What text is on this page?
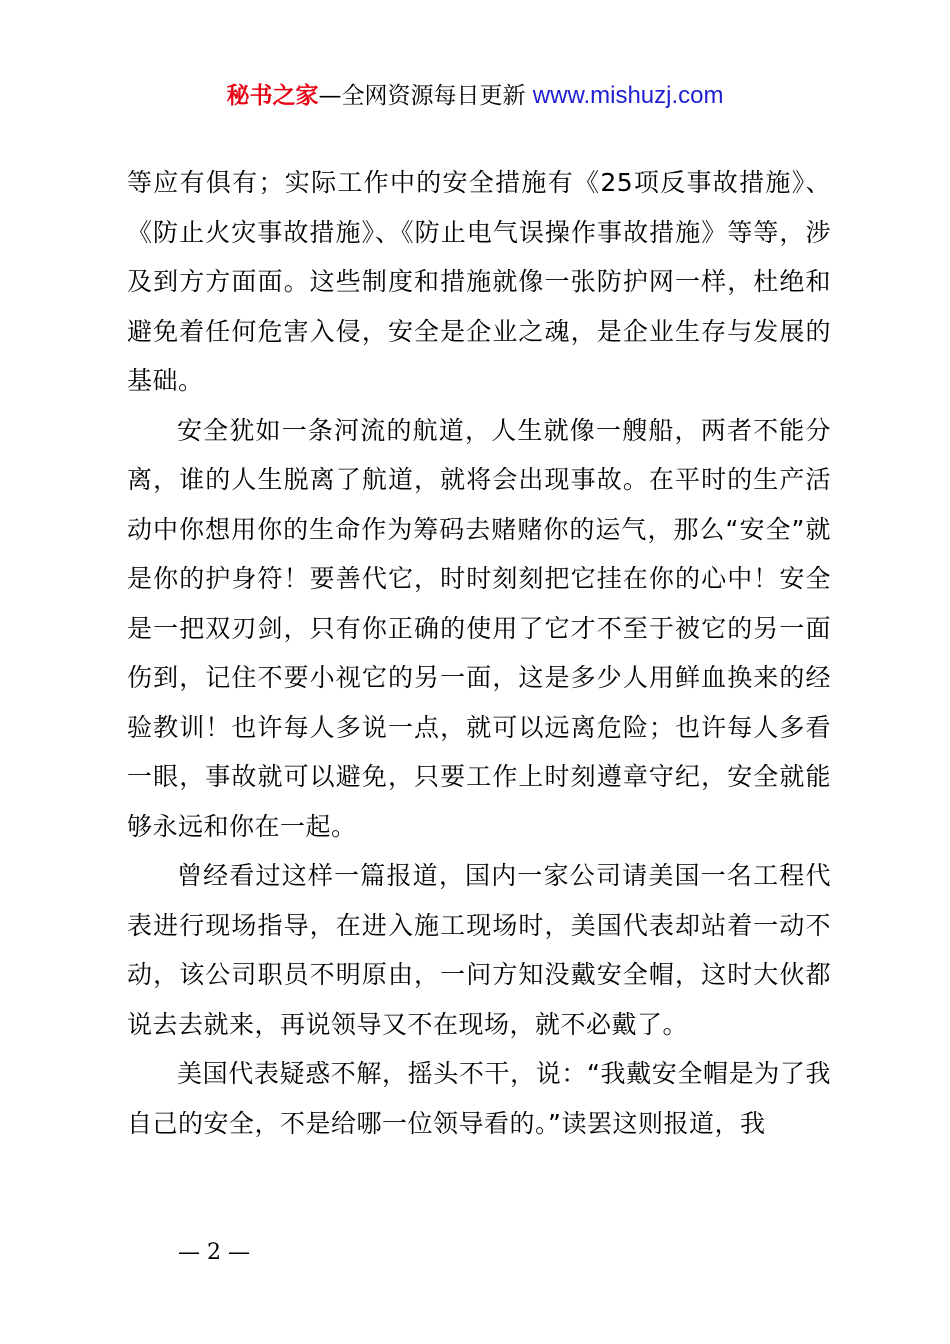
秘书之家—全网资源每日更新 www.mishuzj.com

等应有俱有；实际工作中的安全措施有《25项反事故措施》、《防止火灾事故措施》、《防止电气误操作事故措施》等等，涉及到方方面面。这些制度和措施就像一张防护网一样，杜绝和避免着任何危害入侵，安全是企业之魂，是企业生存与发展的基础。

安全犹如一条河流的航道，人生就像一艘船，两者不能分离，谁的人生脱离了航道，就将会出现事故。在平时的生产活动中你想用你的生命作为筹码去赌赌你的运气，那么“安全”就是你的护身符！要善代它，时时刻刻把它挂在你的心中！安全是一把双刃剑，只有你正确的使用了它才不至于被它的另一面伤到，记住不要小视它的另一面，这是多少人用鲜血换来的经验教训！也许每人多说一点，就可以远离危险；也许每人多看一眼，事故就可以避免，只要工作上时刻遵章守纪，安全就能够永远和你在一起。

曾经看过这样一篇报道，国内一家公司请美国一名工程代表进行现场指导，在进入施工现场时，美国代表却站着一动不动，该公司职员不明原由，一问方知没戴安全帽，这时大伙都说去去就来，再说领导又不在现场，就不必戴了。

美国代表疑惑不解，摇头不干，说：“我戴安全帽是为了我自己的安全，不是给哪一位领导看的。”读罢这则报道，我

— 2 —
